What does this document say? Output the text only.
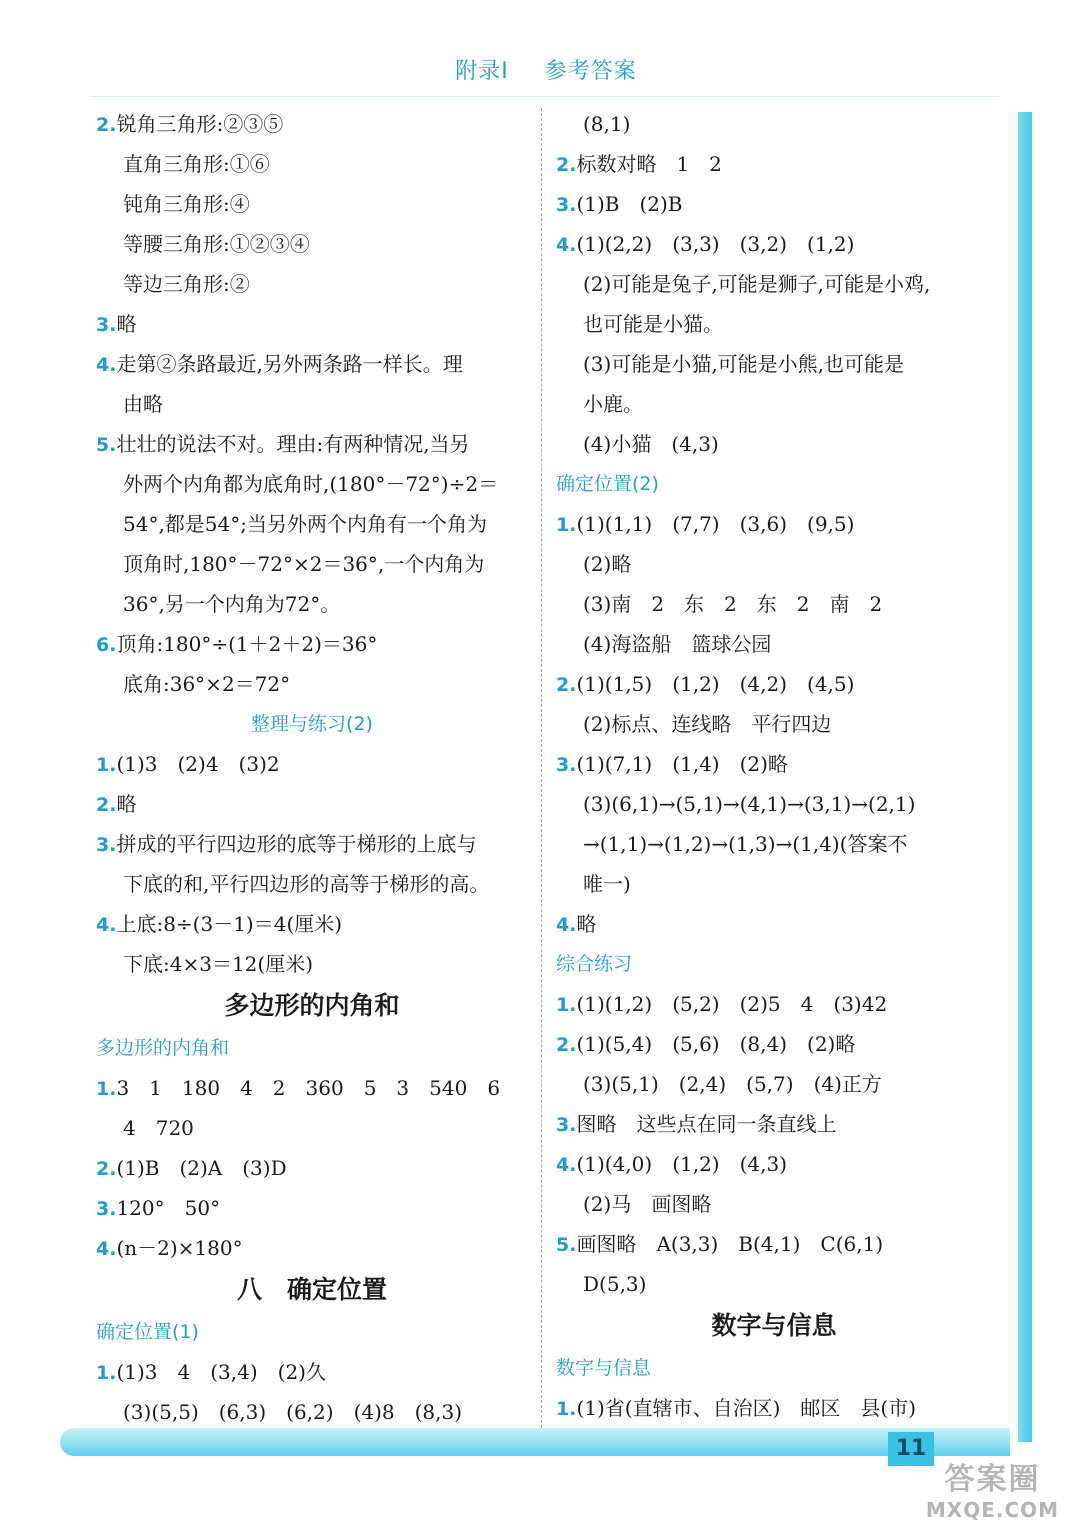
附录Ⅰ 参考答案
2.锐角三角形:②③⑤
直角三角形:①⑥
钝角三角形:④
等腰三角形:①②③④
等边三角形:②
3.略
4.走第②条路最近,另外两条路一样长。理
由略
5.壮壮的说法不对。理由:有两种情况,当另
外两个内角都为底角时,(180°－72°)÷2＝
54°,都是54°;当另外两个内角有一个角为
顶角时,180°－72°×2＝36°,一个内角为
36°,另一个内角为72°。
6.顶角:180°÷(1＋2＋2)＝36°
底角:36°×2＝72°
整理与练习(2)
1.(1)3　(2)4　(3)2
2.略
3.拼成的平行四边形的底等于梯形的上底与
下底的和,平行四边形的高等于梯形的高。
4.上底:8÷(3－1)＝4(厘米)
下底:4×3＝12(厘米)
多边形的内角和
多边形的内角和
1.3　1　180　4　2　360　5　3　540　6
4　720
2.(1)B　(2)A　(3)D
3.120°　50°
4.(n－2)×180°
八　确定位置
确定位置(1)
1.(1)3　4　(3,4)　(2)久
(3)(5,5)　(6,3)　(6,2)　(4)8　(8,3)
(8,1)
2.标数对略　1　2
3.(1)B　(2)B
4.(1)(2,2)　(3,3)　(3,2)　(1,2)
(2)可能是兔子,可能是狮子,可能是小鸡,
也可能是小猫。
(3)可能是小猫,可能是小熊,也可能是
小鹿。
(4)小猫　(4,3)
确定位置(2)
1.(1)(1,1)　(7,7)　(3,6)　(9,5)
(2)略
(3)南　2　东　2　东　2　南　2
(4)海盗船　篮球公园
2.(1)(1,5)　(1,2)　(4,2)　(4,5)
(2)标点、连线略　平行四边
3.(1)(7,1)　(1,4)　(2)略
(3)(6,1)→(5,1)→(4,1)→(3,1)→(2,1)
→(1,1)→(1,2)→(1,3)→(1,4)(答案不
唯一)
4.略
综合练习
1.(1)(1,2)　(5,2)　(2)5　4　(3)42
2.(1)(5,4)　(5,6)　(8,4)　(2)略
(3)(5,1)　(2,4)　(5,7)　(4)正方
3.图略　这些点在同一条直线上
4.(1)(4,0)　(1,2)　(4,3)
(2)马　画图略
5.画图略　A(3,3)　B(4,1)　C(6,1)
D(5,3)
数字与信息
数字与信息
1.(1)省(直辖市、自治区)　邮区　县(市)
11
答案圈
MXQE.COM
